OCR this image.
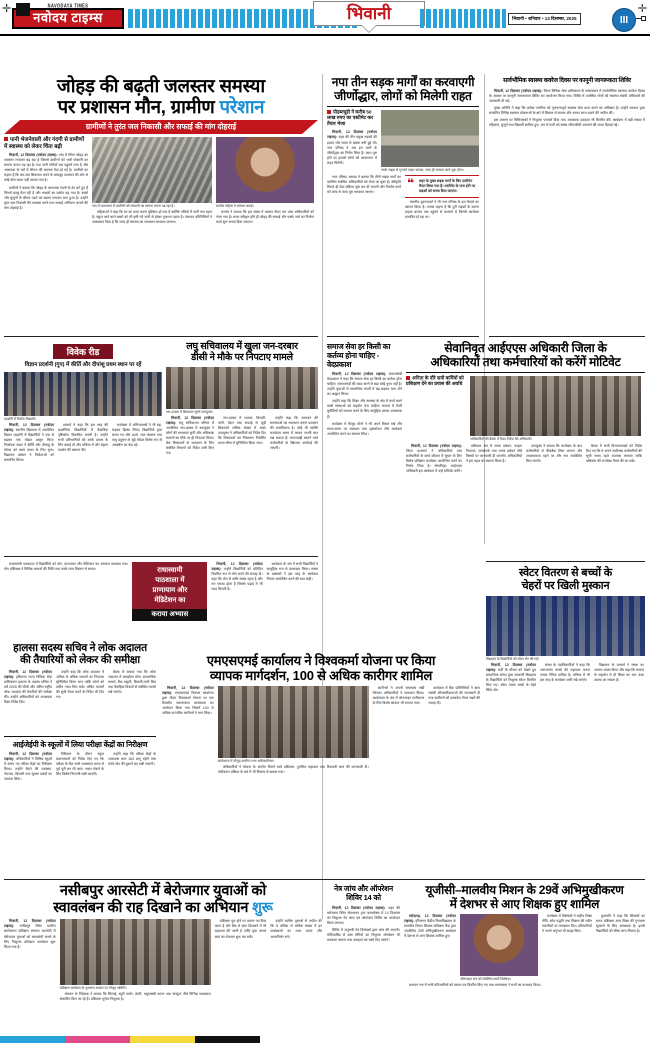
✛	✛
NAVODAYA TIMES
नवोदय टाइम्स	भिवानी	भिवानी • शनिवार • 13 दिसम्बर, 2025	III
जोहड़ की बढ़ती जलस्तर समस्या
पर प्रशासन मौन, ग्रामीण परेशान
ग्रामीणों ने तुरंत जल निकासी और सफाई की मांग दोहराई
पानी भेजनेवाली और गंदगी से ग्रामीणों में स्वास्थ्य को लेकर चिंता बढ़ी

भिवानी, 12 दिसम्बर (नवोदय टाइम्स): गांव में स्थित जोहड़ का जलस्तर लगातार बढ़ रहा है जिससे ग्रामीणों को भारी परेशानी का सामना करना पड़ रहा है। गंदा पानी गलियों तक पहुंचने लगा है और आसपास के घरों में सीलन की समस्या पैदा हो गई है। ग्रामीणों का कहना है कि बार-बार शिकायत करने के बावजूद प्रशासन की ओर से कोई ठोस कदम नहीं उठाया गया है।

ग्रामीणों ने बताया कि जोहड़ के आसपास गंदगी के ढेर लगे हुए हैं जिनसे बदबू फैल रही है और मच्छरों का प्रकोप बढ़ गया है। बच्चों और बुजुर्गों के बीमार पड़ने का खतरा लगातार बना हुआ है। उन्होंने तुरंत जल निकासी की व्यवस्था करने तथा सफाई अभियान चलाने की मांग दोहराई है।	गांव में जलभराव से ग्रामीणों को परेशानी का सामना करना पड़ रहा है।

महिलाओं ने कहा कि घर का काम करना मुश्किल हो गया है क्योंकि गलियों में पानी भरा रहता है। स्कूल जाने वाले बच्चों को भी इसी गंदे पानी से होकर गुजरना पड़ता है। पंचायत प्रतिनिधियों ने आश्वासन दिया है कि जल्द ही समस्या का समाधान करवाया जाएगा।

ग्रामीण महिला ने समस्या बताई।

सरपंच ने बताया कि इस संबंध में प्रस्ताव तैयार कर उच्च अधिकारियों को भेजा गया है। बजट स्वीकृत होते ही जोहड़ की सफाई और पक्के नाले का निर्माण कार्य शुरू करवा दिया जाएगा।

नपा तीन सड़क मार्गों का करवाएगी
जीर्णोद्धार, लोगों को मिलेगी राहत
पीडब्ल्यूडी ने करीब 50 लाख रुपए का एस्टीमेट कर तैयार भेजा

भिवानी, 12 दिसम्बर (नवोदय टाइम्स): शहर की तीन प्रमुख सड़कों की हालत लंबे समय से खस्ता बनी हुई थी। नगर परिषद ने अब इन मार्गों के जीर्णोद्धार का निर्णय लिया है। काम पूरा होने पर हजारों लोगों को आवागमन में राहत मिलेगी।

जर्जर सड़क से गुजरते वाहन चालक, जल्द ही मरम्मत कार्य शुरू होगा।

नगर परिषद अध्यक्ष ने बताया कि तीनों सड़क मार्गों का एस्टीमेट संबंधित अधिकारियों को भेजा जा चुका है। स्वीकृति मिलते ही टेंडर प्रक्रिया शुरू कर दी जाएगी और निर्माण कार्य को जल्द से जल्द पूरा करवाया जाएगा।

❝ शहर के मुख्य सड़क मार्गों के लिए एस्टीमेट तैयार किया गया है। एस्टीमेट के पास होने पर सड़कों को बनवा दिया जाएगा।

स्थानीय दुकानदारों ने भी नगर परिषद के इस फैसले का स्वागत किया है। उनका कहना है कि टूटी सड़कों के कारण ग्राहक बाजार तक पहुंचने से कतराते थे जिससे कारोबार प्रभावित हो रहा था।

सार्वभौमिक स्वास्थ्य कवरेज दिवस पर कानूनी जागरूकता शिविर

भिवानी, 12 दिसम्बर (नवोदय टाइम्स): जिला विधिक सेवा प्राधिकरण के तत्वावधान में सार्वभौमिक स्वास्थ्य कवरेज दिवस के अवसर पर कानूनी जागरूकता शिविर का आयोजन किया गया। शिविर में उपस्थित लोगों को स्वास्थ्य संबंधी अधिकारों की जानकारी दी गई।

मुख्य अतिथि ने कहा कि प्रत्येक नागरिक को गुणवत्तापूर्ण स्वास्थ्य सेवा प्राप्त करने का अधिकार है। उन्होंने सरकार द्वारा संचालित विभिन्न स्वास्थ्य योजनाओं के बारे में विस्तार से बताया और उनका लाभ उठाने की अपील की।

इस अवसर पर चिकित्सकों ने निशुल्क परामर्श दिया तथा आवश्यक दवाइयां भी वितरित कीं। कार्यक्रम में बड़ी संख्या में महिलाएं, बुजुर्ग तथा विद्यार्थी शामिल हुए। अंत में सभी को स्वस्थ जीवनशैली अपनाने की शपथ दिलाई गई।

विवेक रीड
विज्ञान प्रदर्शनी (गुप) में कीर्ति और दीपांशु प्रथम स्थान पर रहें
प्रदर्शनी में विजेता विद्यार्थी।

भिवानी, 12 दिसम्बर (नवोदय टाइम्स): स्थानीय विद्यालय में आयोजित विज्ञान प्रदर्शनी में विद्यार्थियों ने एक से बढ़कर एक मॉडल प्रस्तुत किए। निर्णायक मंडल ने कीर्ति और दीपांशु के मॉडल को प्रथम स्थान के लिए चुना। विद्यालय प्रबंधन ने विजेताओं को सम्मानित किया।

प्राचार्य ने कहा कि इस तरह की प्रदर्शनियां विद्यार्थियों में वैज्ञानिक दृष्टिकोण विकसित करती हैं। उन्होंने सभी प्रतिभागियों को उनके प्रयास के लिए बधाई दी और भविष्य में और बेहतर प्रदर्शन की कामना की।

कार्यक्रम में अभिभावकों ने भी बढ़-चढ़कर हिस्सा लिया। विद्यार्थियों द्वारा बनाए गए सौर ऊर्जा, जल संरक्षण तथा वायु प्रदूषण से जुड़े मॉडल विशेष रूप से आकर्षण का केंद्र रहे।

लघु सचिवालय में खुला जन-दरबार
डीसी ने मौके पर निपटाए मामले
जन-दरबार में शिकायत सुनते उपायुक्त।

भिवानी, 12 दिसम्बर (नवोदय टाइम्स): लघु सचिवालय परिसर में आयोजित जन-दरबार में उपायुक्त ने लोगों की समस्याएं सुनीं और अधिकांश मामलों का मौके पर ही निपटारा किया। शेष शिकायतों के समाधान के लिए संबंधित विभागों को निर्देश जारी किए गए।

जन-दरबार में राजस्व, बिजली, पानी, पेंशन तथा सफाई से जुड़ी शिकायतें अधिक संख्या में आईं। उपायुक्त ने अधिकारियों को निर्देश दिए कि शिकायतों का निस्तारण निर्धारित समय सीमा में सुनिश्चित किया जाए।

उन्होंने कहा कि आमजन की समस्याओं का समाधान करना प्रशासन की प्राथमिकता है। कोई भी व्यक्ति कार्यालय समय में आकर अपनी बात रख सकता है। लापरवाही बरतने वाले कर्मचारियों के खिलाफ कार्रवाई की जाएगी।

समाज सेवा हर किसी का कर्तव्य होना चाहिए - वेदप्रकाश

भिवानी, 12 दिसम्बर (नवोदय टाइम्स): समाजसेवी वेदप्रकाश ने कहा कि समाज सेवा हर किसी का कर्तव्य होना चाहिए। जरूरतमंदों की मदद करने से बड़ा कोई पुण्य नहीं है। उन्होंने युवाओं से सामाजिक कार्यों में बढ़-चढ़कर भाग लेने का आह्वान किया।

उन्होंने कहा कि शिक्षा और स्वास्थ्य के क्षेत्र में कार्य करने वाली संस्थाओं को सहयोग देना चाहिए। समाज में फैली कुरीतियों को समाप्त करने के लिए सामूहिक प्रयास आवश्यक हैं।

कार्यक्रम में मौजूद लोगों ने भी अपने विचार रखे और समय-समय पर रक्तदान तथा वृक्षारोपण जैसे कार्यक्रम आयोजित करने का संकल्प लिया।

सेवानिवृत आईएएस अधिकारी जिला के
अधिकारियों तथा कर्मचारियों को करेंगें मोटिवेट
अनिता के दौरे समी कर्मियों को प्रशिक्षण देने का प्रयास की अवधि
अधिकारियों की बैठक में दिशा-निर्देश देते अधिकारी।

भिवानी, 12 दिसम्बर (नवोदय टाइम्स): जिला प्रशासन ने अधिकारियों तथा कर्मचारियों के कार्य कौशल में सुधार के लिए विशेष प्रशिक्षण कार्यक्रम आयोजित करने का निर्णय लिया है। सेवानिवृत आईएएस अधिकारी इस कार्यक्रम में उन्हें मोटिवेट करेंगे।

प्रशिक्षण सत्र में समय प्रबंधन, फाइल निपटान, जनसंपर्क तथा तनाव प्रबंधन जैसे विषयों पर जानकारी दी जाएगी। अधिकारियों ने इस पहल का स्वागत किया है।

उपायुक्त ने बताया कि कार्यक्रम के बाद कर्मचारियों से फीडबैक लिया जाएगा और आवश्यकता पड़ने पर और सत्र आयोजित किए जाएंगे।

बैठक में सभी विभागाध्यक्षों को निर्देश दिए गए कि वे अपने अधीनस्थ कर्मचारियों की सूची समय रहते उपलब्ध करवाएं ताकि प्रशिक्षण की रूपरेखा तैयार की जा सके।

राधास्वामी पाठशाला में विद्यार्थियों को योग, प्राणायाम और मेडिटेशन का अभ्यास करवाया गया। योग प्रशिक्षक ने विभिन्न आसनों की विधि तथा उनके लाभ विस्तार से बताए।	राधास्वामी
पाठशाला में
प्राणायाम और
मेडिटेशन का
कराया अभ्यास

भिवानी, 12 दिसम्बर (नवोदय टाइम्स): उन्होंने विद्यार्थियों को प्रतिदिन नियमित रूप से योग करने की सलाह दी। कहा कि योग से शरीर स्वस्थ रहता है और मन एकाग्र होता है जिससे पढ़ाई में भी मदद मिलती है।

कार्यक्रम के अंत में सभी विद्यार्थियों ने सामूहिक रूप से प्राणायाम किया। संस्था के प्रबंधकों ने इस तरह के कार्यक्रम निरंतर आयोजित करने की बात कही।

हालसा सदस्य सचिव ने लोक अदालत
की तैयारियों को लेकर की समीक्षा

भिवानी, 12 दिसम्बर (नवोदय टाइम्स): हरियाणा राज्य विधिक सेवा प्राधिकरण हालसा के सदस्य सचिव ने वर्ष 2025 की चौथी और अंतिम राष्ट्रीय लोक अदालत की तैयारियों की समीक्षा की। उन्होंने अधिकारियों को आवश्यक दिशा-निर्देश दिए।

उन्होंने कहा कि लोक अदालत में अधिक से अधिक मामलों का निपटारा सुनिश्चित किया जाए ताकि लोगों को त्वरित न्याय मिल सके। लंबित मामलों की सूची तैयार करने के निर्देश भी दिए गए।

बैठक में बताया गया कि लोक अदालत में समझौता योग्य आपराधिक मामले, बैंक वसूली, बिजली-पानी बिल तथा वैवाहिक विवादों से संबंधित मामले रखे जाएंगे।

आईजेईपी के स्कूलों में लिया परीक्षा केंद्रों का निरीक्षण

भिवानी, 12 दिसम्बर (नवोदय टाइम्स): अधिकारियों ने विभिन्न स्कूलों में बनाए गए परीक्षा केंद्रों का निरीक्षण किया। उन्होंने बैठने की व्यवस्था, पेयजल, बिजली तथा सुरक्षा प्रबंधों का जायजा लिया।

निरीक्षण के दौरान स्कूल प्रधानाचार्यों को निर्देश दिए गए कि परीक्षा के दिन सभी व्यवस्थाएं समय से पूर्व पूरी कर ली जाएं। नकल रोकने के लिए विशेष निगरानी रखी जाएगी।

उन्होंने कहा कि परीक्षा केंद्रों के आसपास धारा 163 लागू रहेगी तथा फोटो स्टेट की दुकानें बंद रखी जाएंगी।

एमएसएमई कार्यालय ने विश्वकर्मा योजना पर किया
व्यापक मार्गदर्शन, 100 से अधिक कारीगर शामिल

भिवानी, 12 दिसम्बर (नवोदय टाइम्स): एमएसएमई विकास कार्यालय द्वारा पीएम विश्वकर्मा योजना पर एक दिवसीय जागरूकता कार्यशाला का आयोजन किया गया जिसमें 100 से अधिक पारंपरिक कारीगरों ने भाग लिया।

कार्यशाला में मौजूद कारीगर तथा अधिकारीगण।

अधिकारियों ने योजना के अंतर्गत मिलने वाले प्रशिक्षण, टूलकिट सहायता तथा रियायती ऋण की जानकारी दी। पंजीकरण प्रक्रिया के बारे में भी विस्तार से बताया गया।

कारीगरों ने अपनी समस्याएं रखीं जिनका अधिकारियों ने समाधान किया। कार्यशाला के अंत में ऑनलाइन पंजीकरण के लिए विशेष काउंटर भी लगाया गया।

कार्यक्रम में बैंक प्रतिनिधियों ने ऋण संबंधी औपचारिकताओं की जानकारी दी तथा कारीगरों को दस्तावेज तैयार रखने की सलाह दी।

स्वेटर वितरण से बच्चों के
चेहरों पर खिली मुस्कान
विद्यालय के विद्यार्थियों को स्वेटर भेंट की गईं।

भिवानी, 12 दिसम्बर (नवोदय टाइम्स): सर्दी के मौसम को देखते हुए सामाजिक संस्था द्वारा सरकारी विद्यालय के विद्यार्थियों को निशुल्क स्वेटर वितरित किए गए। स्वेटर पाकर बच्चों के चेहरे खिल उठे।

संस्था के पदाधिकारियों ने कहा कि जरूरतमंद बच्चों की सहायता करना उनका नैतिक दायित्व है। भविष्य में भी इस तरह के कार्यक्रम जारी रखे जाएंगे।

विद्यालय के प्राचार्य ने संस्था का आभार व्यक्त किया और कहा कि समाज के सहयोग से ही शिक्षा का स्तर ऊंचा उठाया जा सकता है।

नसीबपुर आरसेटी में बेरोजगार युवाओं को
स्वावलंबन की राह दिखाने का अभियान शुरू

भिवानी, 12 दिसम्बर (नवोदय टाइम्स): नसीबपुर स्थित ग्रामीण स्वरोजगार प्रशिक्षण संस्थान आरसेटी में बेरोजगार युवाओं को स्वावलंबी बनाने के लिए निशुल्क प्रशिक्षण कार्यक्रम शुरू किया गया है।

प्रशिक्षण कार्यक्रम के शुभारंभ अवसर पर मौजूद अतिथि।

संस्थान के निदेशक ने बताया कि सिलाई, ब्यूटी पार्लर, डेयरी, मधुमक्खी पालन तथा कंप्यूटर जैसे विभिन्न पाठ्यक्रम संचालित किए जा रहे हैं। प्रशिक्षण पूर्णतः निशुल्क है।

प्रशिक्षण पूरा होने पर प्रमाण पत्र दिया जाता है और बैंक से ऋण दिलवाने में भी सहायता की जाती है ताकि युवा अपना स्वयं का रोजगार शुरू कर सकें।

उन्होंने ग्रामीण युवाओं से अपील की कि वे अधिक से अधिक संख्या में इन पाठ्यक्रमों का लाभ उठाएं और आत्मनिर्भर बनें।

नेत्र जांच और ऑपरेशन शिविर 14 को

भिवानी, 12 दिसम्बर (नवोदय टाइम्स): शहर की धर्मशाला स्थित सेवाभवन ट्रस्ट कम्पलेक्स में 14 दिसम्बर को निशुल्क नेत्र जांच एवं ऑपरेशन शिविर का आयोजन किया जाएगा।

शिविर में अनुभवी नेत्र विशेषज्ञों द्वारा जांच की जाएगी। मोतियाबिंद से ग्रस्त रोगियों का निशुल्क ऑपरेशन भी करवाया जाएगा तथा दवाइयां एवं चश्मे दिए जाएंगे।

यूजीसी–मालवीय मिशन के 29वें अभिमुखीकरण
में देशभर से आए शिक्षक हुए शामिल

महेन्द्रगढ़, 12 दिसम्बर (नवोदय टाइम्स): हरियाणा केंद्रीय विश्वविद्यालय के मालवीय मिशन शिक्षक प्रशिक्षण केंद्र द्वारा आयोजित 29वें अभिमुखीकरण कार्यक्रम में देशभर से आए शिक्षक शामिल हुए।

ऑनलाइन सत्र को संबोधित करते विशेषज्ञ।

कार्यक्रम में विशेषज्ञों ने राष्ट्रीय शिक्षा नीति, शोध पद्धति तथा शिक्षण की नवीन तकनीकों पर व्याख्यान दिए। प्रतिभागियों ने अपने अनुभव भी साझा किए।

कुलपति ने कहा कि शिक्षकों का सतत प्रशिक्षण उच्च शिक्षा की गुणवत्ता सुधारने के लिए आवश्यक है। इससे विद्यार्थियों को सीधा लाभ मिलता है।

समापन सत्र में सभी प्रतिभागियों को प्रमाण पत्र वितरित किए गए तथा समन्वयक ने सभी का धन्यवाद किया।
